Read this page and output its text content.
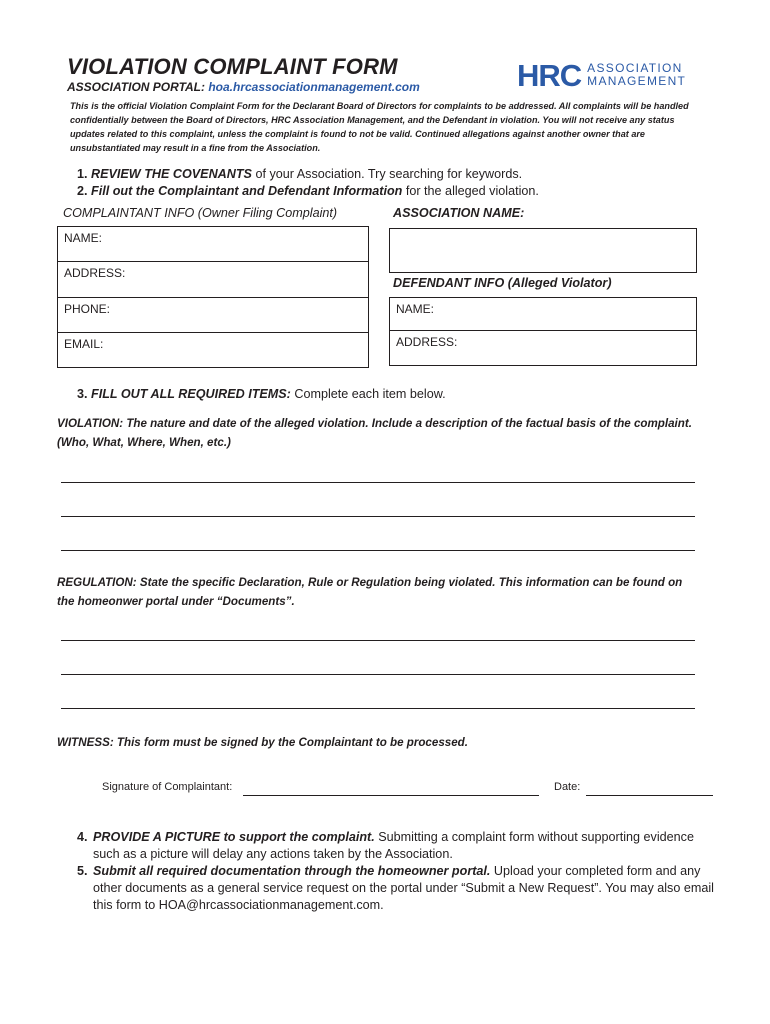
VIOLATION COMPLAINT FORM
ASSOCIATION PORTAL: hoa.hrcassociationmanagement.com	HRC ASSOCIATION
MANAGEMENT
This is the official Violation Complaint Form for the Declarant Board of Directors for complaints to be addressed. All complaints will be handled confidentially between the Board of Directors, HRC Association Management, and the Defendant in violation. You will not receive any status updates related to this complaint, unless the complaint is found to not be valid. Continued allegations against another owner that are unsubstantiated may result in a fine from the Association.
1. REVIEW THE COVENANTS of your Association. Try searching for keywords.
2. Fill out the Complaintant and Defendant Information for the alleged violation.
COMPLAINTANT INFO (Owner Filing Complaint)
NAME:
ADDRESS:
PHONE:
EMAIL:
ASSOCIATION NAME:
DEFENDANT INFO (Alleged Violator)
NAME:
ADDRESS:
3. FILL OUT ALL REQUIRED ITEMS: Complete each item below.
VIOLATION: The nature and date of the alleged violation. Include a description of the factual basis of the complaint. (Who, What, Where, When, etc.)
REGULATION: State the specific Declaration, Rule or Regulation being violated. This information can be found on the homeonwer portal under “Documents”.
WITNESS: This form must be signed by the Complaintant to be processed.
Signature of Complaintant:	Date:
4. PROVIDE A PICTURE to support the complaint. Submitting a complaint form without supporting evidence such as a picture will delay any actions taken by the Association.
5. Submit all required documentation through the homeowner portal. Upload your completed form and any other documents as a general service request on the portal under “Submit a New Request”. You may also email this form to HOA@hrcassociationmanagement.com.
